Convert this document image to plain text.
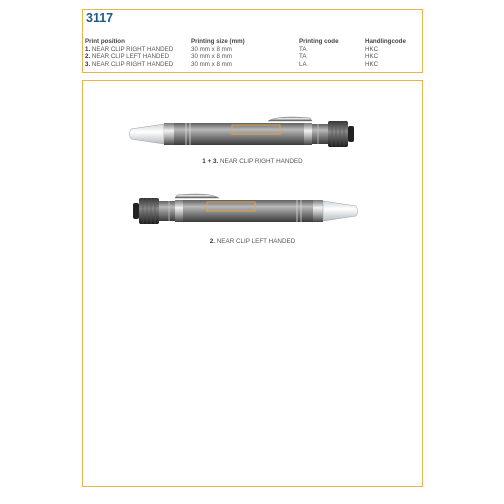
3117
Print position	Printing size (mm)	Printing code	Handlingcode
1. NEAR CLIP RIGHT HANDED	30 mm x 8 mm	TA	HKC
2. NEAR CLIP LEFT HANDED	30 mm x 8 mm	TA	HKC
3. NEAR CLIP RIGHT HANDED	30 mm x 8 mm	LA	HKC
1 + 3. NEAR CLIP RIGHT HANDED
2. NEAR CLIP LEFT HANDED
